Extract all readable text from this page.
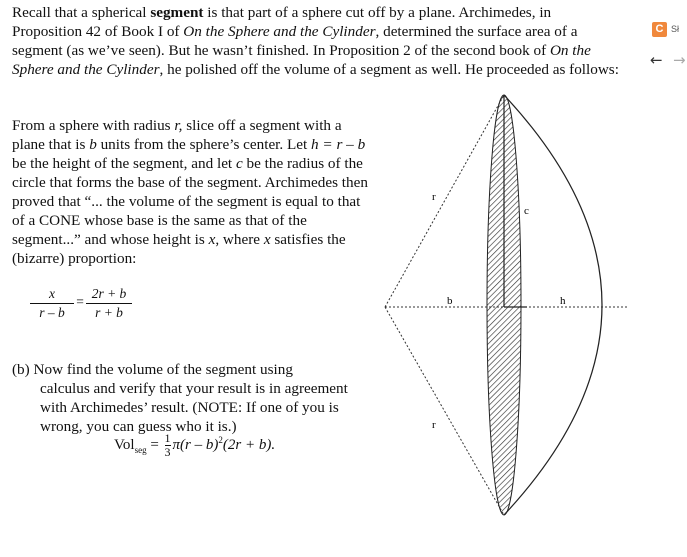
Recall that a spherical segment is that part of a sphere cut off by a plane. Archimedes, in Proposition 42 of Book I of On the Sphere and the Cylinder, determined the surface area of a segment (as we’ve seen). But he wasn’t finished. In Proposition 2 of the second book of On the Sphere and the Cylinder, he polished off the volume of a segment as well. He proceeded as follows:
From a sphere with radius r, slice off a segment with a plane that is b units from the sphere’s center. Let h = r – b be the height of the segment, and let c be the radius of the circle that forms the base of the segment. Archimedes then proved that “... the volume of the segment is equal to that of a CONE whose base is the same as that of the segment...” and whose height is x, where x satisfies the (bizarre) proportion:
x
r – b
=
2r + b
r + b
(b) Now find the volume of the segment using
calculus and verify that your result is in agreement
with Archimedes’ result. (NOTE: If one of you is
wrong, you can guess who it is.)
$Vol_{seg} = \frac{1}{3} \pi(r - b)^2(2r + b)$.
r
r
c
b	h
C Sł
← →
